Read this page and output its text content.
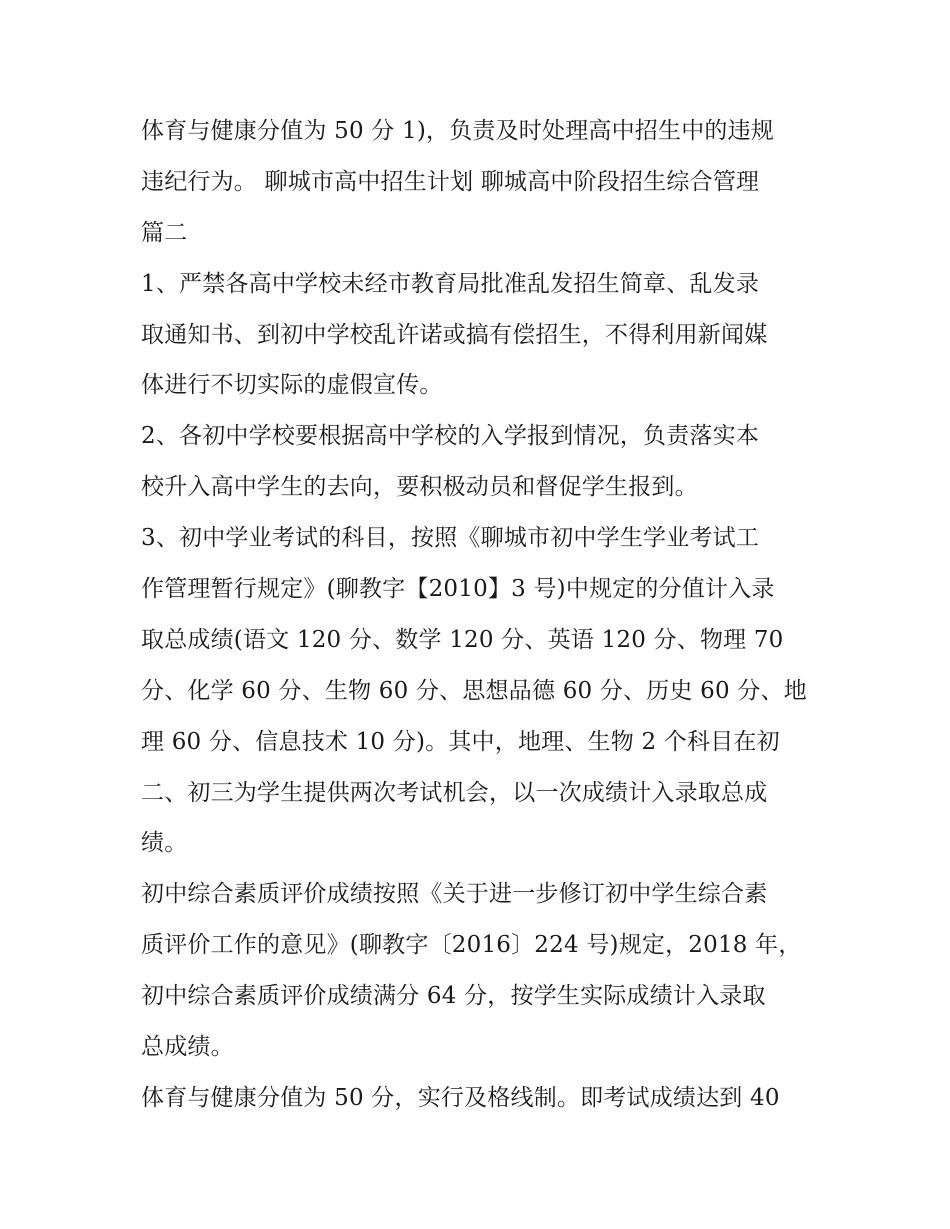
体育与健康分值为 50 分 1)，负责及时处理高中招生中的违规
违纪行为。 聊城市高中招生计划 聊城高中阶段招生综合管理
篇二
1、严禁各高中学校未经市教育局批准乱发招生简章、乱发录
取通知书、到初中学校乱许诺或搞有偿招生，不得利用新闻媒
体进行不切实际的虚假宣传。
2、各初中学校要根据高中学校的入学报到情况，负责落实本
校升入高中学生的去向，要积极动员和督促学生报到。
3、初中学业考试的科目，按照《聊城市初中学生学业考试工
作管理暂行规定》(聊教字【2010】3 号)中规定的分值计入录
取总成绩(语文 120 分、数学 120 分、英语 120 分、物理 70
分、化学 60 分、生物 60 分、思想品德 60 分、历史 60 分、地
理 60 分、信息技术 10 分)。其中，地理、生物 2 个科目在初
二、初三为学生提供两次考试机会，以一次成绩计入录取总成
绩。
初中综合素质评价成绩按照《关于进一步修订初中学生综合素
质评价工作的意见》(聊教字〔2016〕224 号)规定，2018 年，
初中综合素质评价成绩满分 64 分，按学生实际成绩计入录取
总成绩。
体育与健康分值为 50 分，实行及格线制。即考试成绩达到 40
